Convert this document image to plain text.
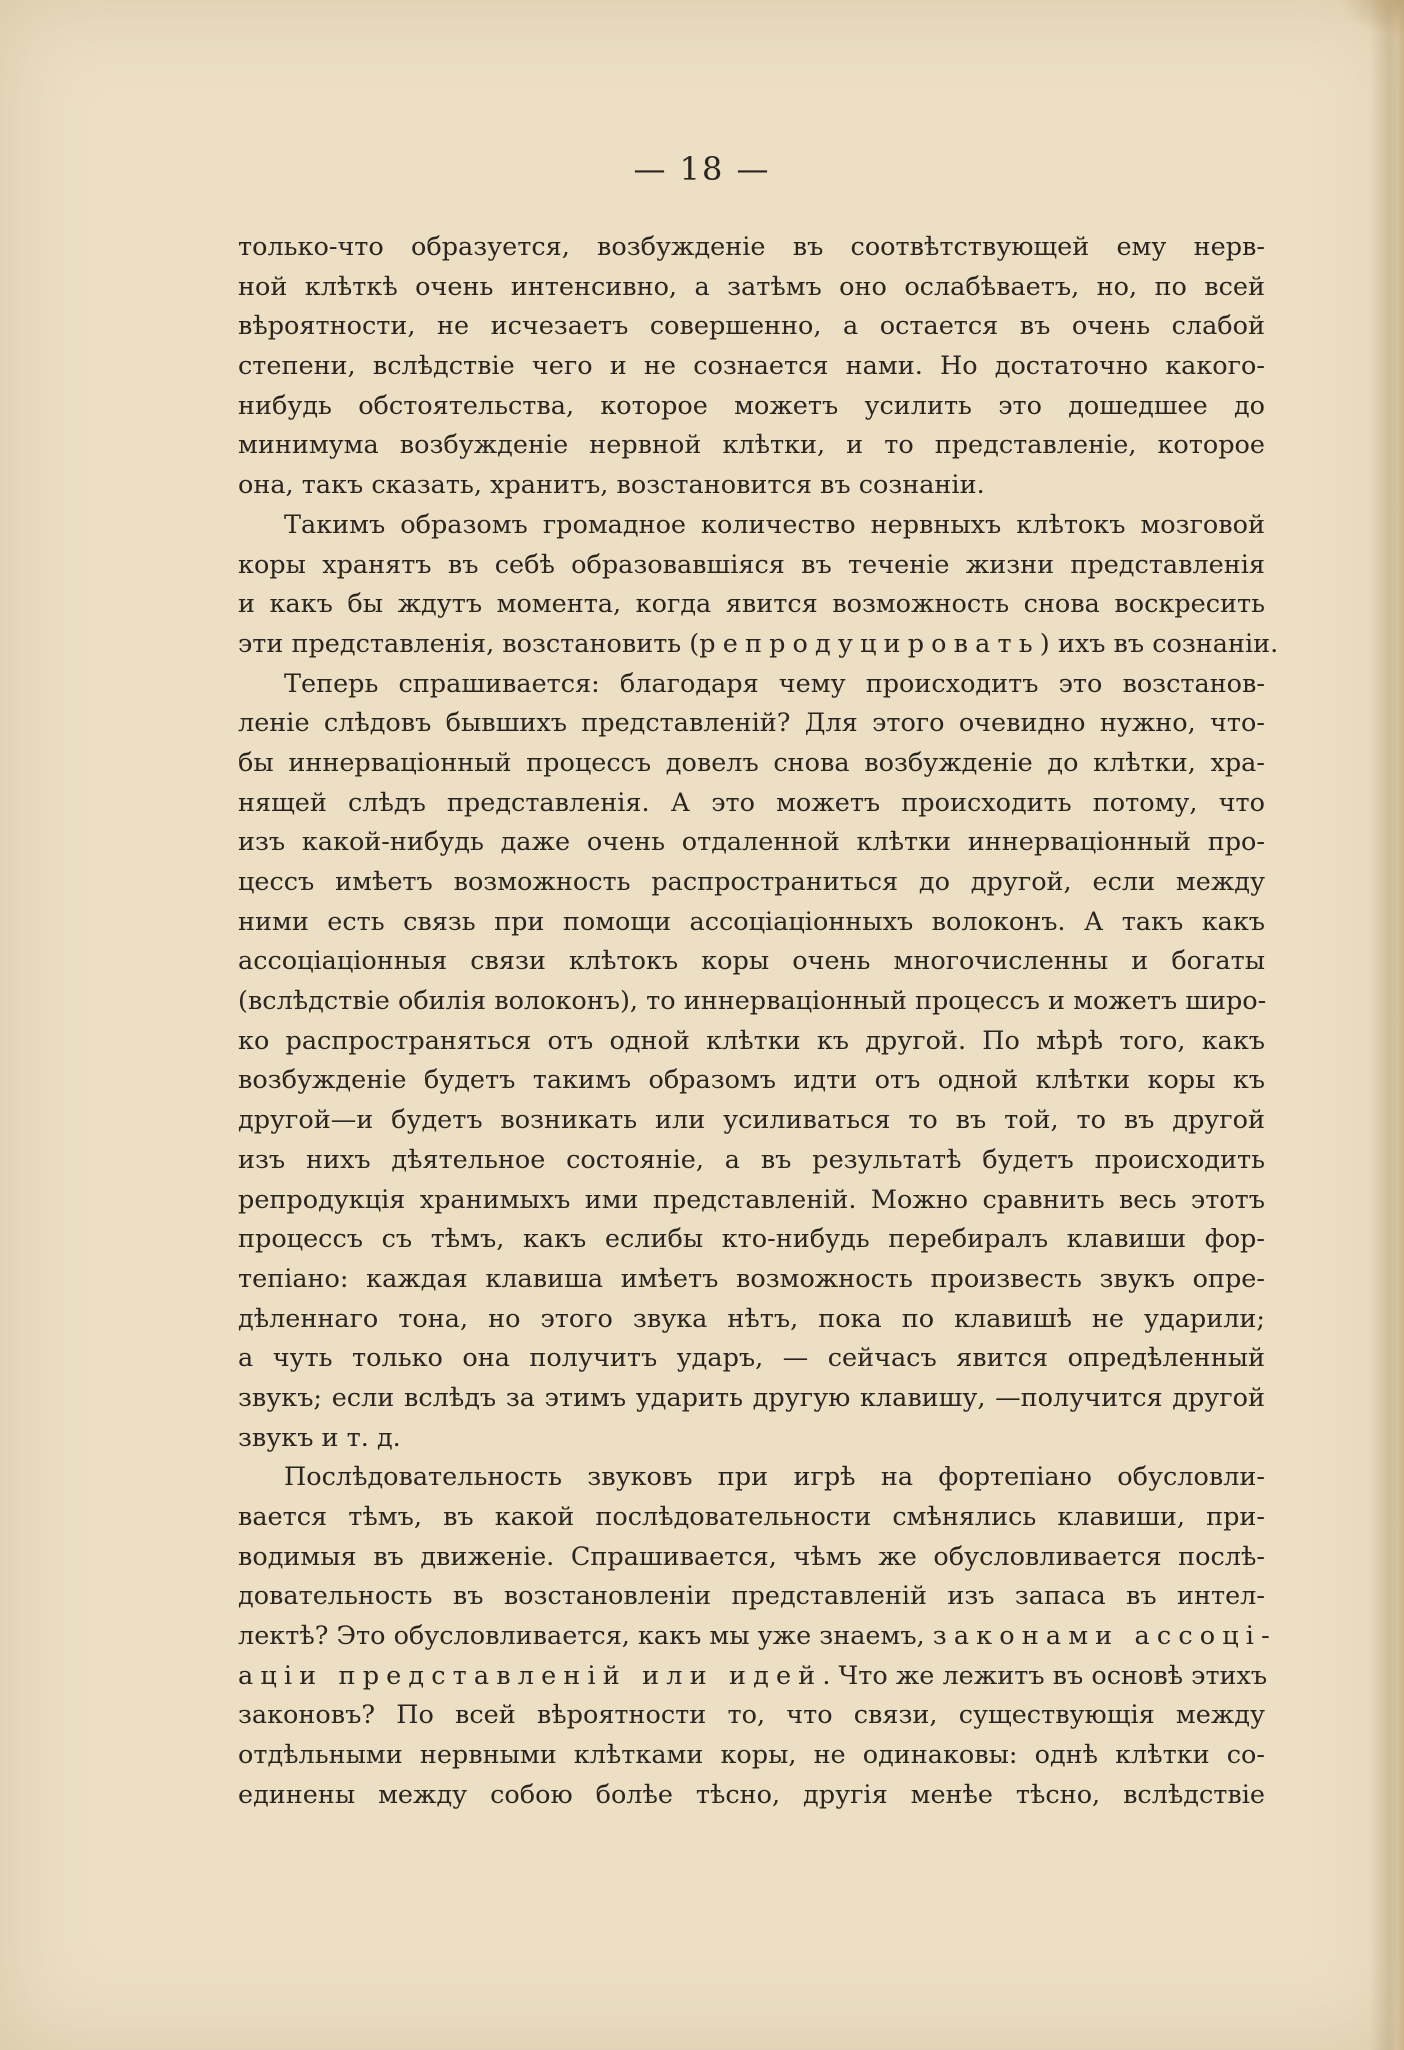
— 18 —
только-что образуется, возбужденіе въ соотвѣтствующей ему нерв-
ной клѣткѣ очень интенсивно, а затѣмъ оно ослабѣваетъ, но, по всей
вѣроятности, не исчезаетъ совершенно, а остается въ очень слабой
степени, вслѣдствіе чего и не сознается нами. Но достаточно какого-
нибудь обстоятельства, которое можетъ усилить это дошедшее до
минимума возбужденіе нервной клѣтки, и то представленіе, которое
она, такъ сказать, хранитъ, возстановится въ сознаніи.
Такимъ образомъ громадное количество нервныхъ клѣтокъ мозговой
коры хранятъ въ себѣ образовавшіяся въ теченіе жизни представленія
и какъ бы ждутъ момента, когда явится возможность снова воскресить
эти представленія, возстановить (репродуцировать) ихъ въ сознаніи.
Теперь спрашивается: благодаря чему происходитъ это возстанов-
леніе слѣдовъ бывшихъ представленій? Для этого очевидно нужно, что-
бы иннерваціонный процессъ довелъ снова возбужденіе до клѣтки, хра-
нящей слѣдъ представленія. А это можетъ происходить потому, что
изъ какой-нибудь даже очень отдаленной клѣтки иннерваціонный про-
цессъ имѣетъ возможность распространиться до другой, если между
ними есть связь при помощи ассоціаціонныхъ волоконъ. А такъ какъ
ассоціаціонныя связи клѣтокъ коры очень многочисленны и богаты
(вслѣдствіе обилія волоконъ), то иннерваціонный процессъ и можетъ широ-
ко распространяться отъ одной клѣтки къ другой. По мѣрѣ того, какъ
возбужденіе будетъ такимъ образомъ идти отъ одной клѣтки коры къ
другой—и будетъ возникать или усиливаться то въ той, то въ другой
изъ нихъ дѣятельное состояніе, а въ результатѣ будетъ происходить
репродукція хранимыхъ ими представленій. Можно сравнить весь этотъ
процессъ съ тѣмъ, какъ еслибы кто-нибудь перебиралъ клавиши фор-
тепіано: каждая клавиша имѣетъ возможность произвесть звукъ опре-
дѣленнаго тона, но этого звука нѣтъ, пока по клавишѣ не ударили;
а чуть только она получитъ ударъ, — сейчасъ явится опредѣленный
звукъ; если вслѣдъ за этимъ ударить другую клавишу, —получится другой
звукъ и т. д.
Послѣдовательность звуковъ при игрѣ на фортепіано обусловли-
вается тѣмъ, въ какой послѣдовательности смѣнялись клавиши, при-
водимыя въ движеніе. Спрашивается, чѣмъ же обусловливается послѣ-
довательность въ возстановленіи представленій изъ запаса въ интел-
лектѣ? Это обусловливается, какъ мы уже знаемъ, законами ассоці-
аціи представленій или идей. Что же лежитъ въ основѣ этихъ
законовъ? По всей вѣроятности то, что связи, существующія между
отдѣльными нервными клѣтками коры, не одинаковы: однѣ клѣтки со-
единены между собою болѣе тѣсно, другія менѣе тѣсно, вслѣдствіе
